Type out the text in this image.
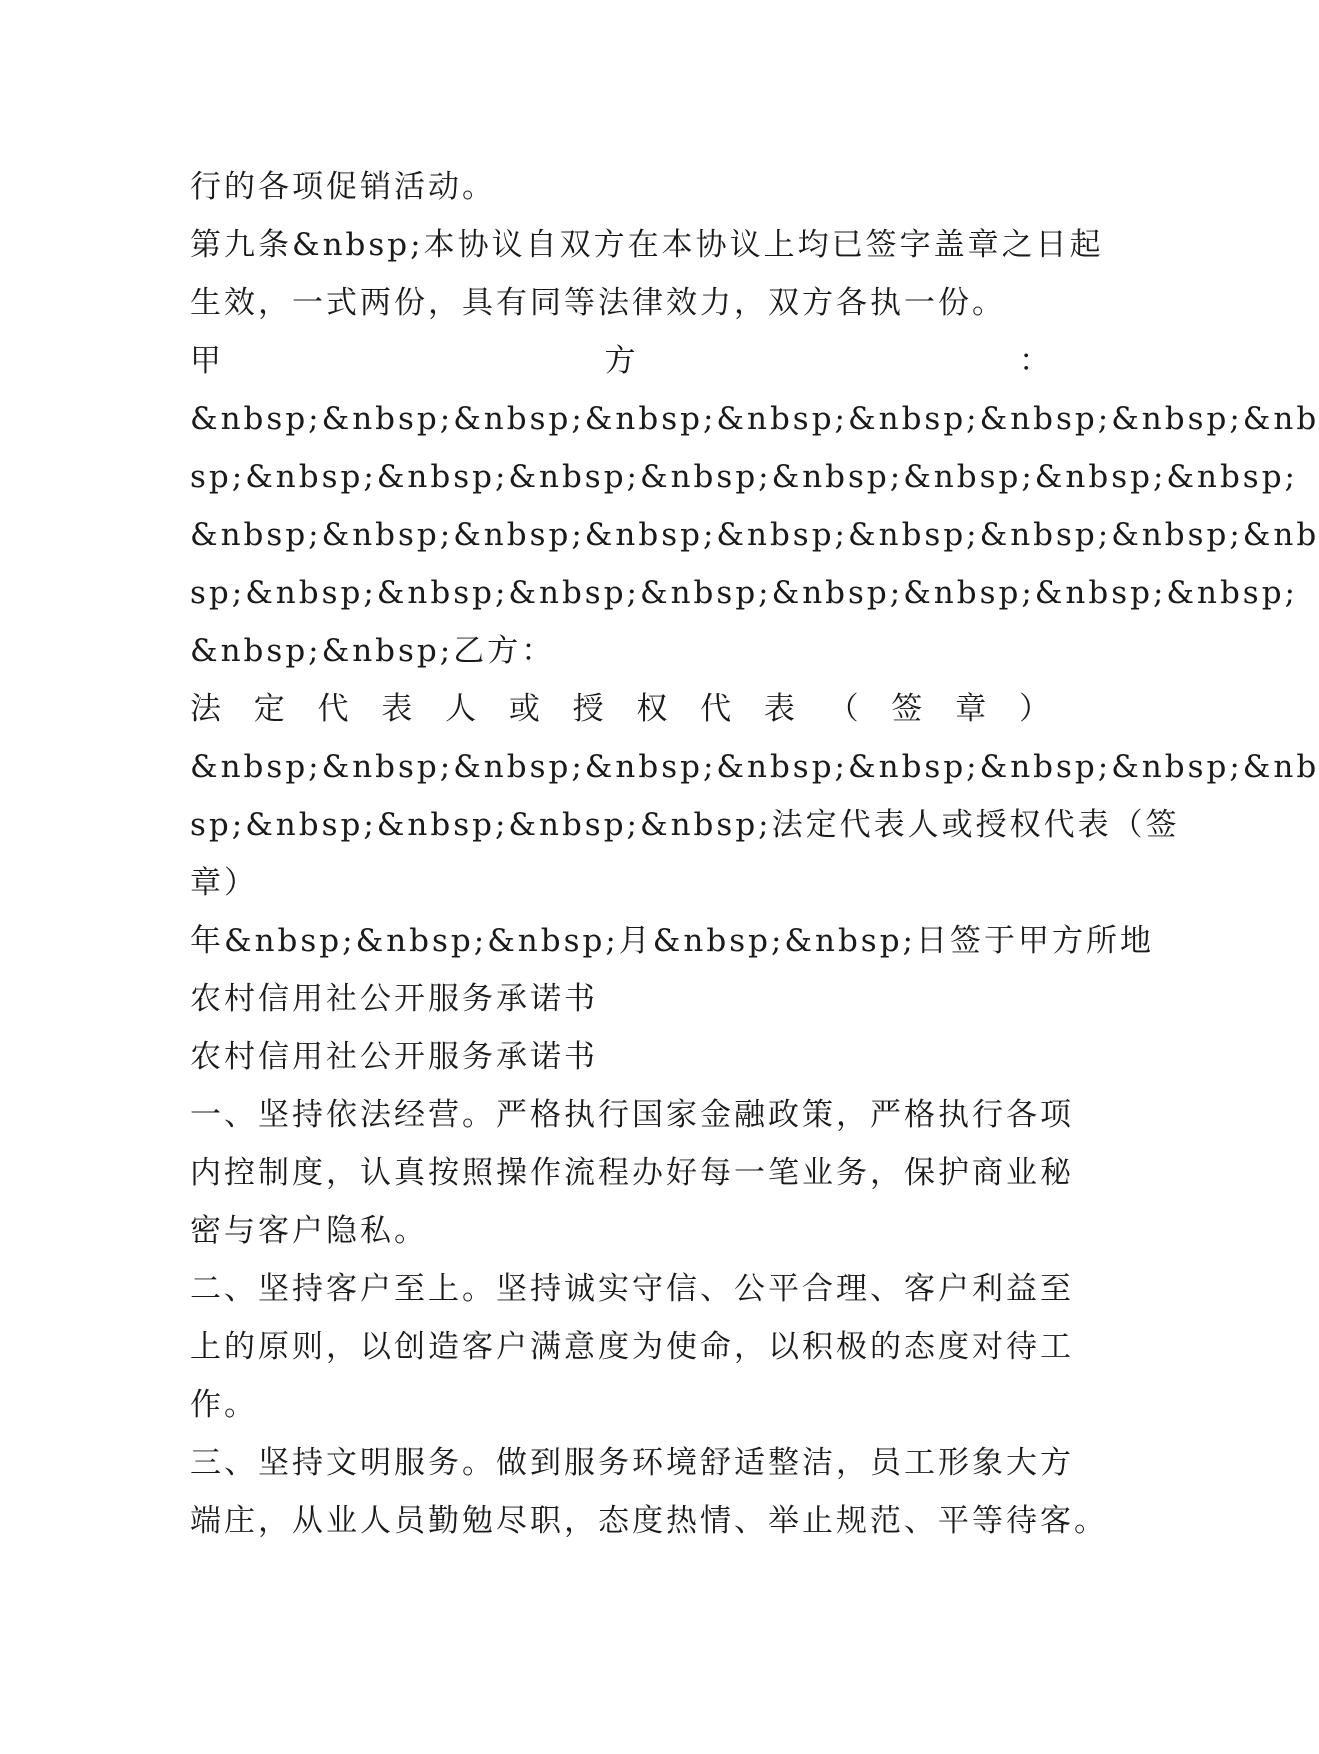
行的各项促销活动。
第九条&nbsp;本协议自双方在本协议上均已签字盖章之日起
生效，一式两份，具有同等法律效力，双方各执一份。
甲	方	：
&nbsp;&nbsp;&nbsp;&nbsp;&nbsp;&nbsp;&nbsp;&nbsp;&nb
sp;&nbsp;&nbsp;&nbsp;&nbsp;&nbsp;&nbsp;&nbsp;&nbsp;
&nbsp;&nbsp;&nbsp;&nbsp;&nbsp;&nbsp;&nbsp;&nbsp;&nb
sp;&nbsp;&nbsp;&nbsp;&nbsp;&nbsp;&nbsp;&nbsp;&nbsp;
&nbsp;&nbsp;乙方：
法 定 代 表 人 或 授 权 代 表 （ 签 章 ）
&nbsp;&nbsp;&nbsp;&nbsp;&nbsp;&nbsp;&nbsp;&nbsp;&nb
sp;&nbsp;&nbsp;&nbsp;&nbsp;法定代表人或授权代表（签
章）
年&nbsp;&nbsp;&nbsp;月&nbsp;&nbsp;日签于甲方所地
农村信用社公开服务承诺书
农村信用社公开服务承诺书
一、坚持依法经营。严格执行国家金融政策，严格执行各项
内控制度，认真按照操作流程办好每一笔业务，保护商业秘
密与客户隐私。
二、坚持客户至上。坚持诚实守信、公平合理、客户利益至
上的原则，以创造客户满意度为使命，以积极的态度对待工
作。
三、坚持文明服务。做到服务环境舒适整洁，员工形象大方
端庄，从业人员勤勉尽职，态度热情、举止规范、平等待客。
